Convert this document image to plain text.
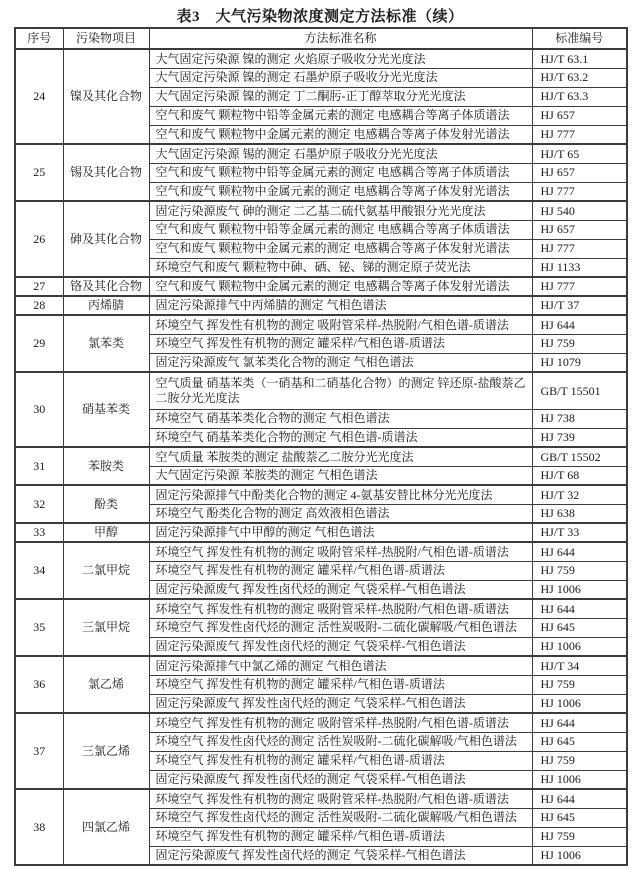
表3　大气污染物浓度测定方法标准（续）
序号	污染物项目	方法标准名称	标准编号
24	镍及其化合物	大气固定污染源 镍的测定 火焰原子吸收分光光度法	HJ/T 63.1
		大气固定污染源 镍的测定 石墨炉原子吸收分光光度法	HJ/T 63.2
		大气固定污染源 镍的测定 丁二酮肟-正丁醇萃取分光光度法	HJ/T 63.3
		空气和废气 颗粒物中铅等金属元素的测定 电感耦合等离子体质谱法	HJ 657
		空气和废气 颗粒物中金属元素的测定 电感耦合等离子体发射光谱法	HJ 777
25	锡及其化合物	大气固定污染源 锡的测定 石墨炉原子吸收分光光度法	HJ/T 65
		空气和废气 颗粒物中铅等金属元素的测定 电感耦合等离子体质谱法	HJ 657
		空气和废气 颗粒物中金属元素的测定 电感耦合等离子体发射光谱法	HJ 777
26	砷及其化合物	固定污染源废气 砷的测定 二乙基二硫代氨基甲酸银分光光度法	HJ 540
		空气和废气 颗粒物中铅等金属元素的测定 电感耦合等离子体质谱法	HJ 657
		空气和废气 颗粒物中金属元素的测定 电感耦合等离子体发射光谱法	HJ 777
		环境空气和废气 颗粒物中砷、硒、铋、锑的测定原子荧光法	HJ 1133
27	铬及其化合物	空气和废气 颗粒物中金属元素的测定 电感耦合等离子体发射光谱法	HJ 777
28	丙烯腈	固定污染源排气中丙烯腈的测定 气相色谱法	HJ/T 37
29	氯苯类	环境空气 挥发性有机物的测定 吸附管采样-热脱附/气相色谱-质谱法	HJ 644
		环境空气 挥发性有机物的测定 罐采样/气相色谱-质谱法	HJ 759
		固定污染源废气 氯苯类化合物的测定 气相色谱法	HJ 1079
30	硝基苯类	空气质量 硝基苯类（一硝基和二硝基化合物）的测定 锌还原-盐酸萘乙二胺分光光度法	GB/T 15501
		环境空气 硝基苯类化合物的测定 气相色谱法	HJ 738
		环境空气 硝基苯类化合物的测定 气相色谱-质谱法	HJ 739
31	苯胺类	空气质量 苯胺类的测定 盐酸萘乙二胺分光光度法	GB/T 15502
		大气固定污染源 苯胺类的测定 气相色谱法	HJ/T 68
32	酚类	固定污染源排气中酚类化合物的测定 4-氨基安替比林分光光度法	HJ/T 32
		环境空气 酚类化合物的测定 高效液相色谱法	HJ 638
33	甲醇	固定污染源排气中甲醇的测定 气相色谱法	HJ/T 33
34	二氯甲烷	环境空气 挥发性有机物的测定 吸附管采样-热脱附/气相色谱-质谱法	HJ 644
		环境空气 挥发性有机物的测定 罐采样/气相色谱-质谱法	HJ 759
		固定污染源废气 挥发性卤代烃的测定 气袋采样-气相色谱法	HJ 1006
35	三氯甲烷	环境空气 挥发性有机物的测定 吸附管采样-热脱附/气相色谱-质谱法	HJ 644
		环境空气 挥发性卤代烃的测定 活性炭吸附-二硫化碳解吸/气相色谱法	HJ 645
		固定污染源废气 挥发性卤代烃的测定 气袋采样-气相色谱法	HJ 1006
36	氯乙烯	固定污染源排气中氯乙烯的测定 气相色谱法	HJ/T 34
		环境空气 挥发性有机物的测定 罐采样/气相色谱-质谱法	HJ 759
		固定污染源废气 挥发性卤代烃的测定 气袋采样-气相色谱法	HJ 1006
37	三氯乙烯	环境空气 挥发性有机物的测定 吸附管采样-热脱附/气相色谱-质谱法	HJ 644
		环境空气 挥发性卤代烃的测定 活性炭吸附-二硫化碳解吸/气相色谱法	HJ 645
		环境空气 挥发性有机物的测定 罐采样/气相色谱-质谱法	HJ 759
		固定污染源废气 挥发性卤代烃的测定 气袋采样-气相色谱法	HJ 1006
38	四氯乙烯	环境空气 挥发性有机物的测定 吸附管采样-热脱附/气相色谱-质谱法	HJ 644
		环境空气 挥发性卤代烃的测定 活性炭吸附-二硫化碳解吸/气相色谱法	HJ 645
		环境空气 挥发性有机物的测定 罐采样/气相色谱-质谱法	HJ 759
		固定污染源废气 挥发性卤代烃的测定 气袋采样-气相色谱法	HJ 1006
